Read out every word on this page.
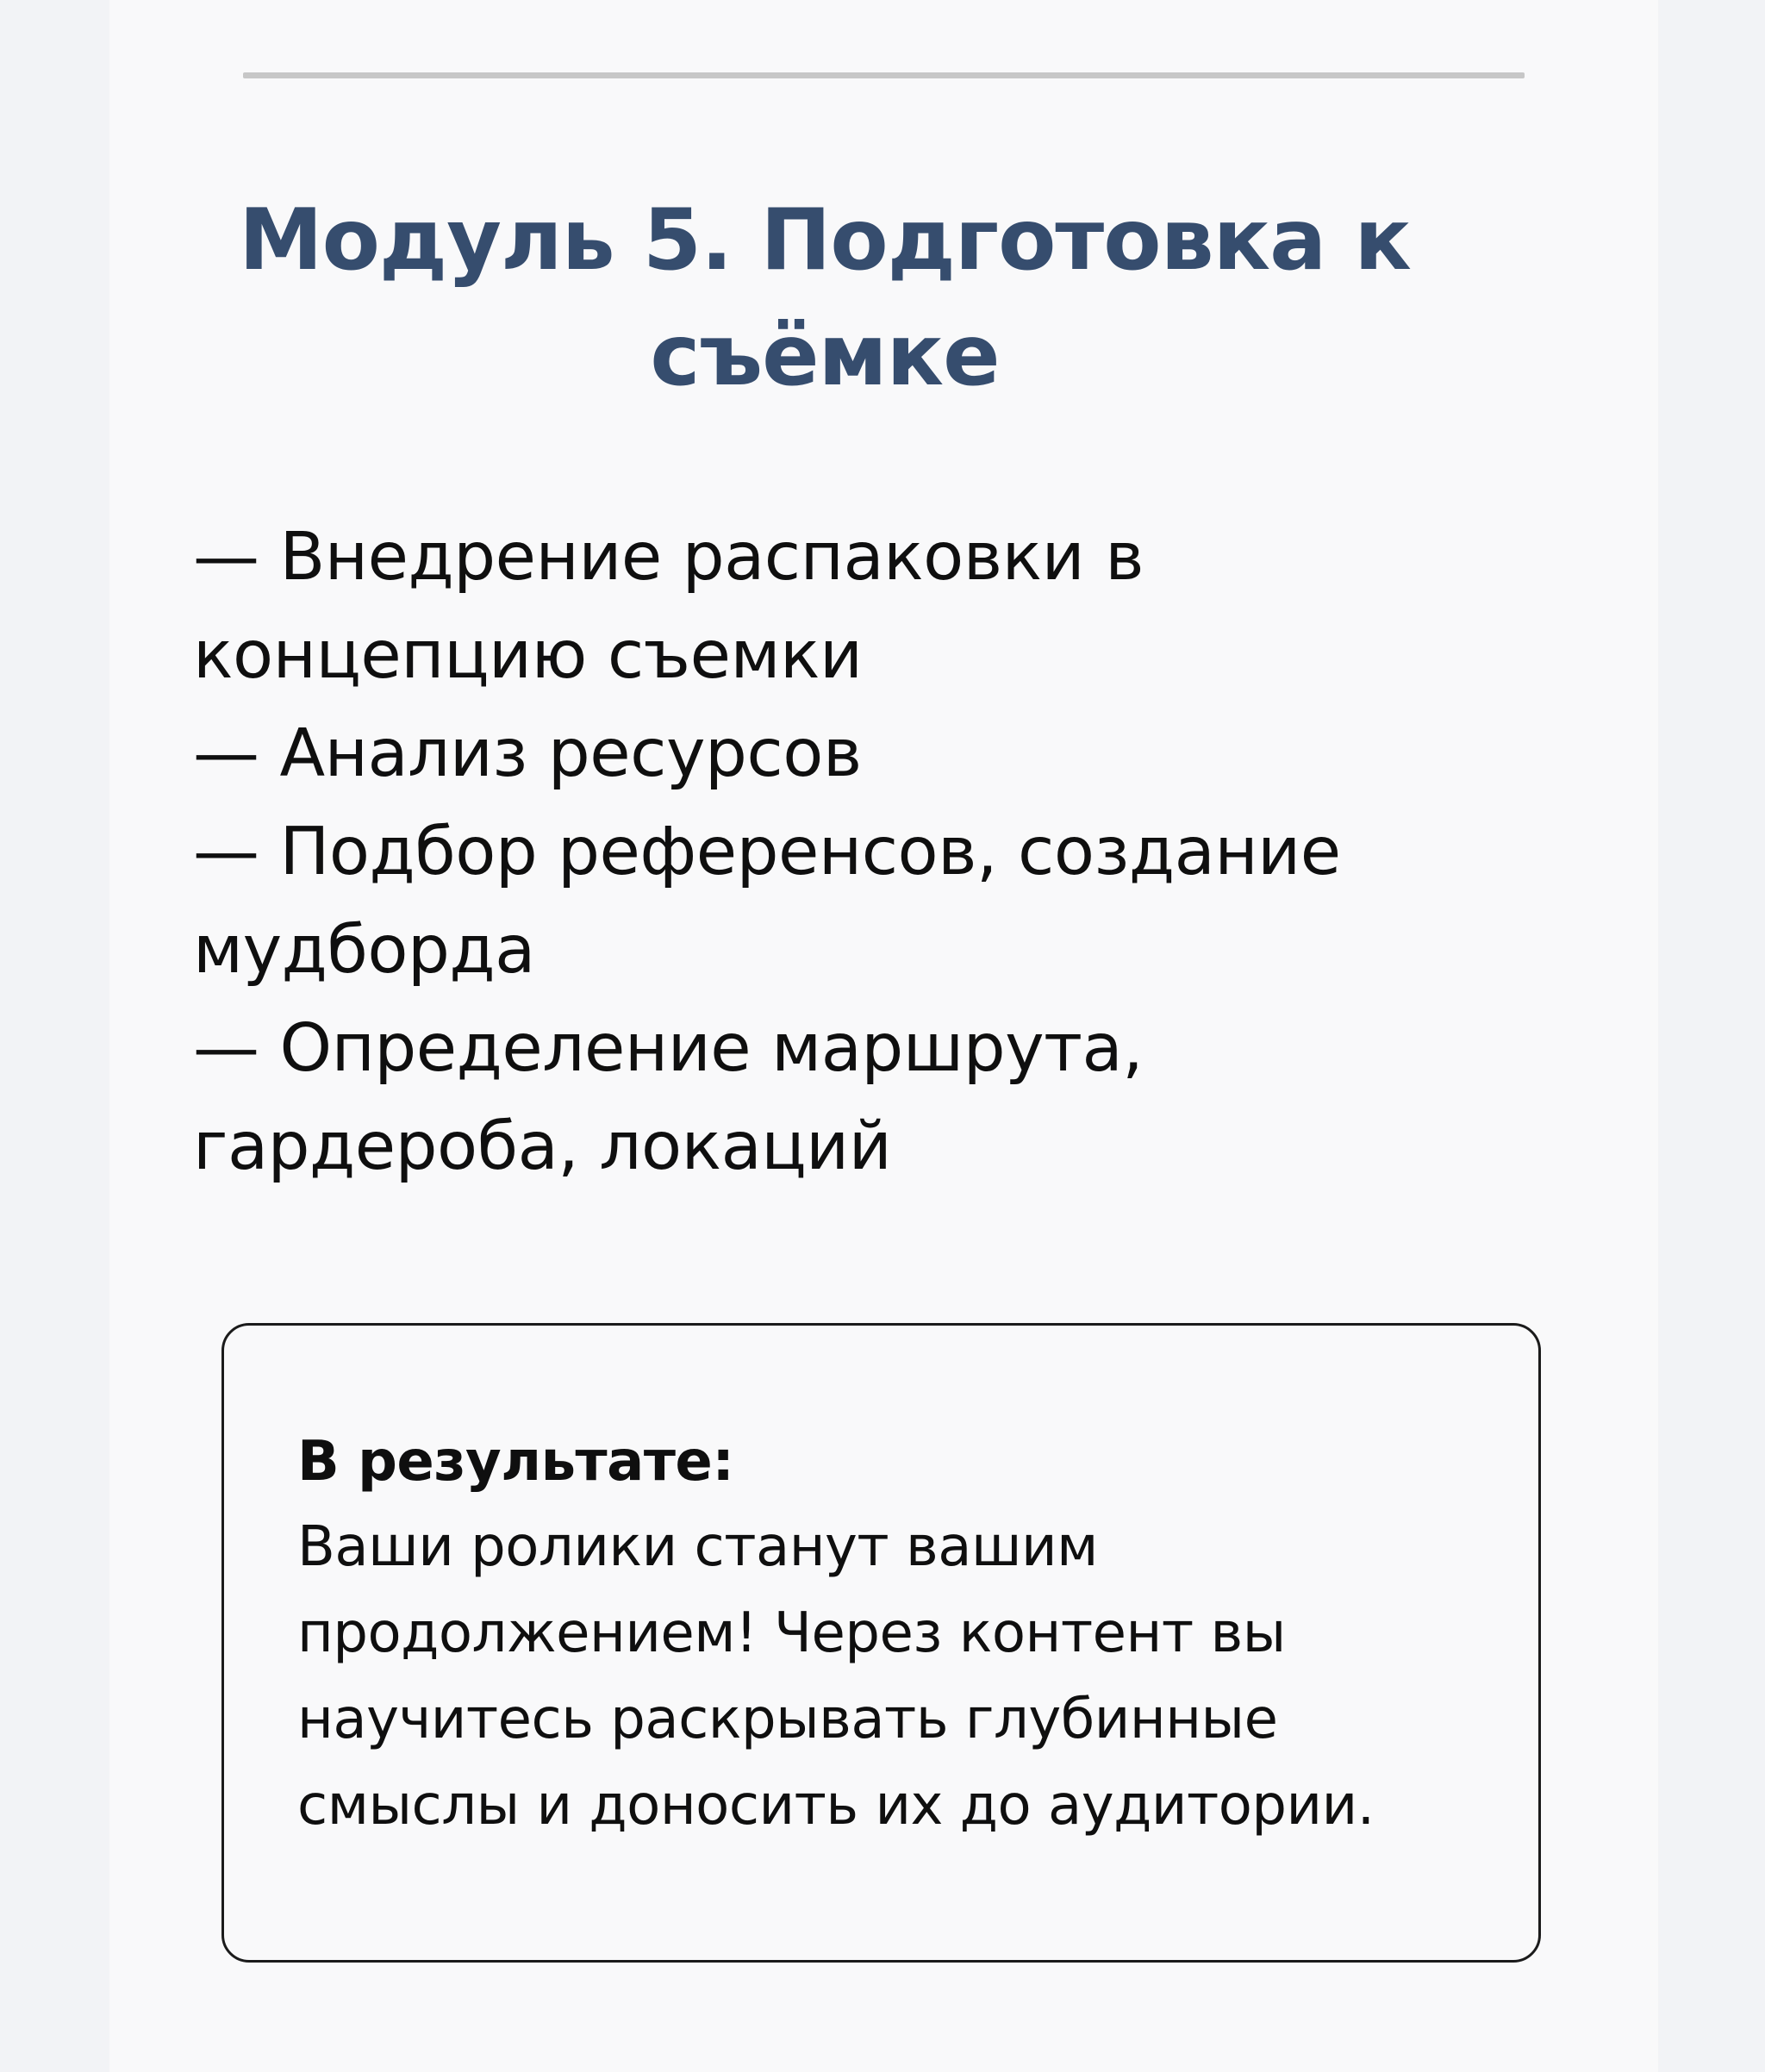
Модуль 5. Подготовка к
съёмке
— Внедрение распаковки в
концепцию съемки
— Анализ ресурсов
— Подбор референсов, создание
мудборда
— Определение маршрута,
гардероба, локаций

В результате:

Ваши ролики станут вашим
продолжением! Через контент вы
научитесь раскрывать глубинные
смыслы и доносить их до аудитории.
